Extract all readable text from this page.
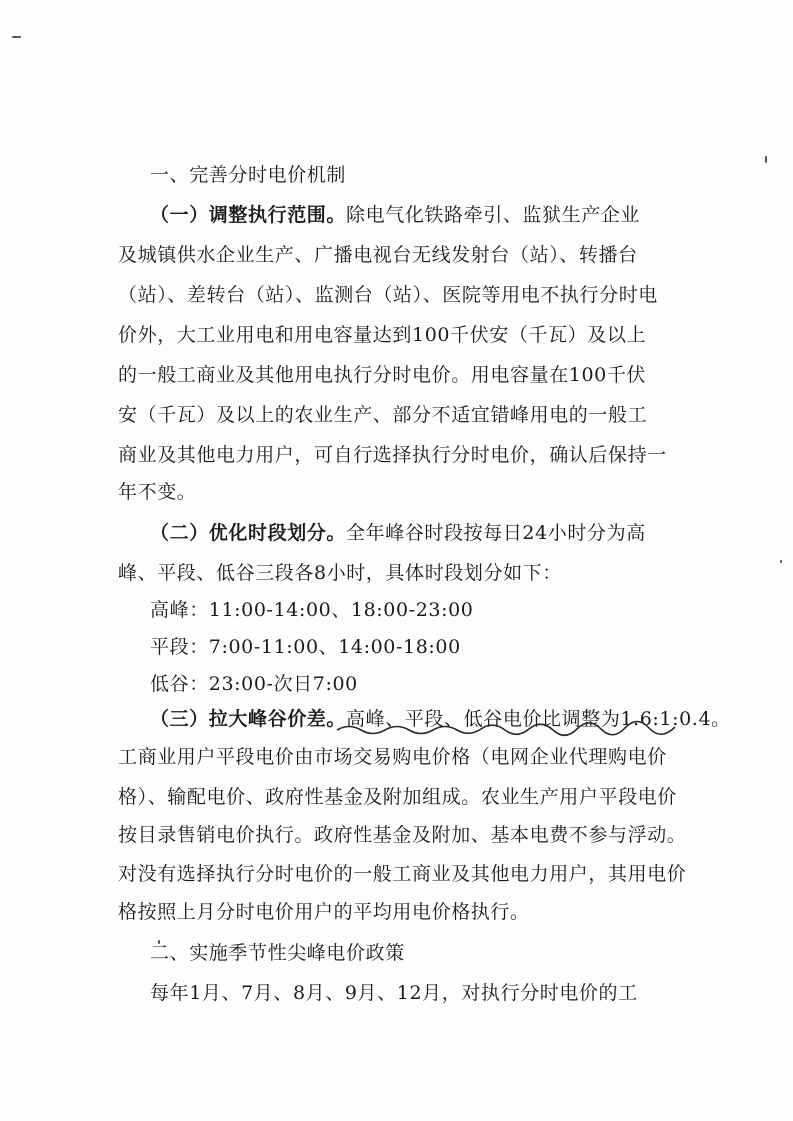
一、完善分时电价机制
（一）调整执行范围。除电气化铁路牵引、监狱生产企业
及城镇供水企业生产、广播电视台无线发射台（站）、转播台
（站）、差转台（站）、监测台（站）、医院等用电不执行分时电
价外，大工业用电和用电容量达到100千伏安（千瓦）及以上
的一般工商业及其他用电执行分时电价。用电容量在100千伏
安（千瓦）及以上的农业生产、部分不适宜错峰用电的一般工
商业及其他电力用户，可自行选择执行分时电价，确认后保持一
年不变。
（二）优化时段划分。全年峰谷时段按每日24小时分为高
峰、平段、低谷三段各8小时，具体时段划分如下：
高峰：11:00-14:00、18:00-23:00
平段：7:00-11:00、14:00-18:00
低谷：23:00-次日7:00
（三）拉大峰谷价差。高峰、平段、低谷电价比调整为1.6:1:0.4。
工商业用户平段电价由市场交易购电价格（电网企业代理购电价
格）、输配电价、政府性基金及附加组成。农业生产用户平段电价
按目录售销电价执行。政府性基金及附加、基本电费不参与浮动。
对没有选择执行分时电价的一般工商业及其他电力用户，其用电价
格按照上月分时电价用户的平均用电价格执行。
二、实施季节性尖峰电价政策
每年1月、7月、8月、9月、12月，对执行分时电价的工
